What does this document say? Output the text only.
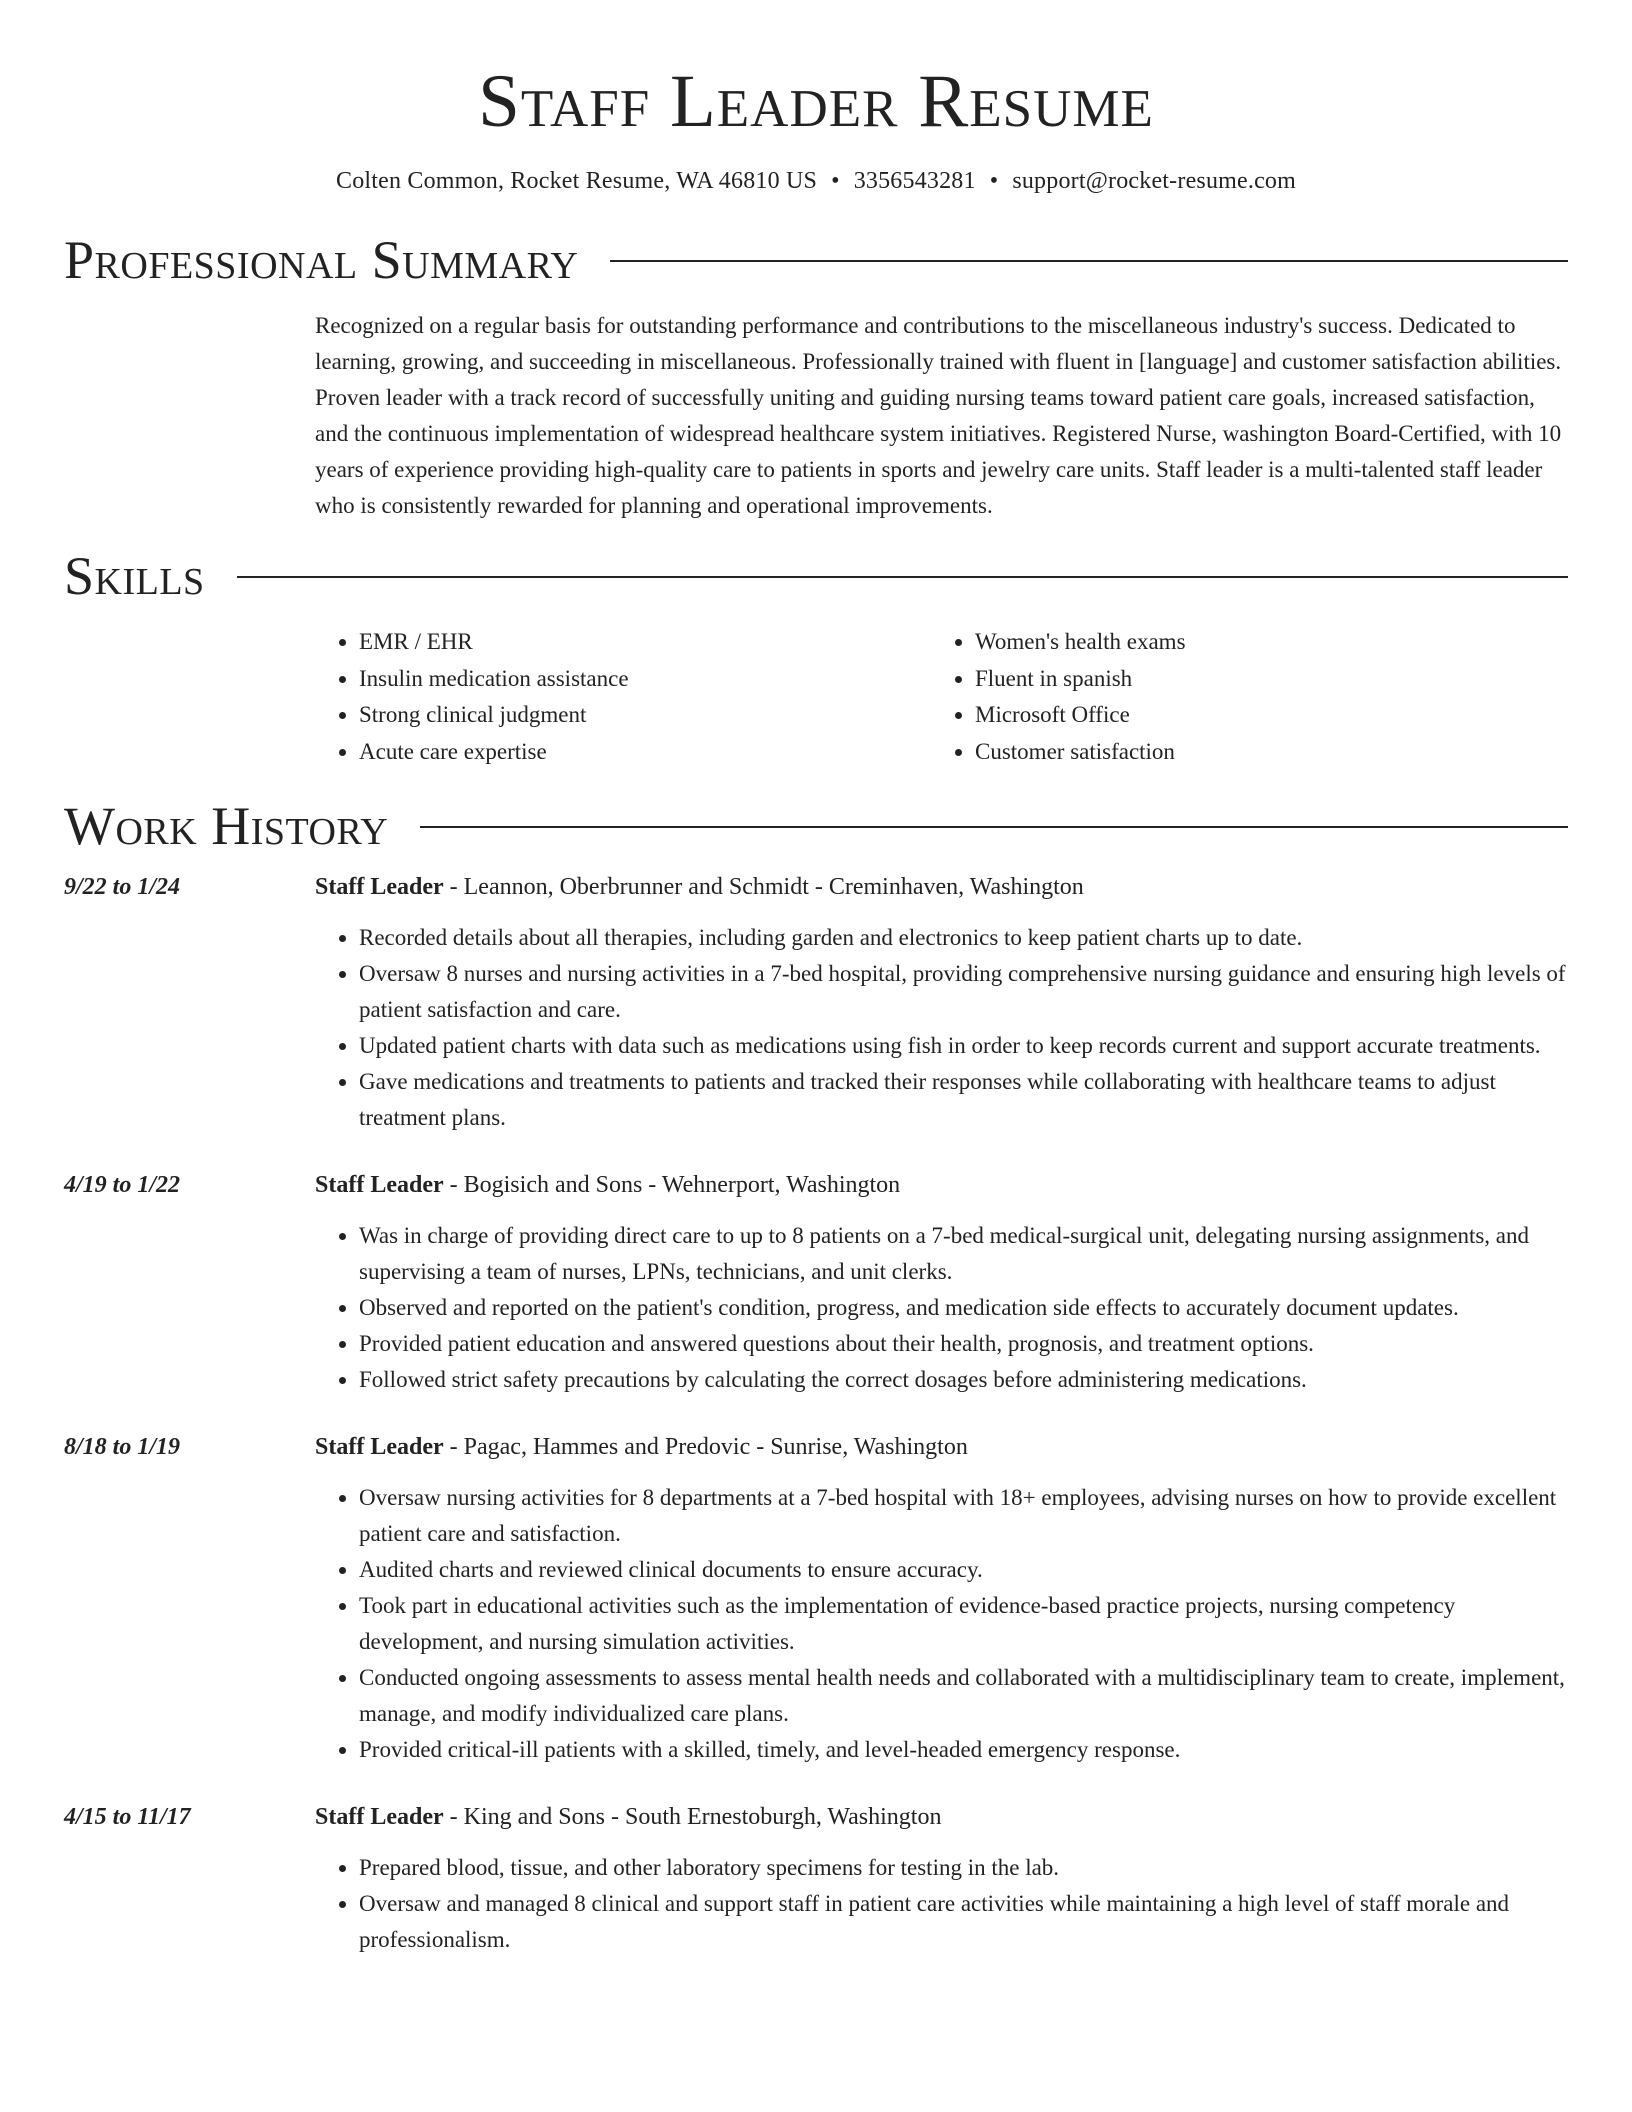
Staff Leader Resume
Colten Common, Rocket Resume, WA 46810 US • 3356543281 • support@rocket-resume.com
Professional Summary
Recognized on a regular basis for outstanding performance and contributions to the miscellaneous industry's success. Dedicated to learning, growing, and succeeding in miscellaneous. Professionally trained with fluent in [language] and customer satisfaction abilities. Proven leader with a track record of successfully uniting and guiding nursing teams toward patient care goals, increased satisfaction, and the continuous implementation of widespread healthcare system initiatives. Registered Nurse, washington Board-Certified, with 10 years of experience providing high-quality care to patients in sports and jewelry care units. Staff leader is a multi-talented staff leader who is consistently rewarded for planning and operational improvements.
Skills
• EMR / EHR
• Insulin medication assistance
• Strong clinical judgment
• Acute care expertise
• Women's health exams
• Fluent in spanish
• Microsoft Office
• Customer satisfaction
Work History
9/22 to 1/24	Staff Leader - Leannon, Oberbrunner and Schmidt - Creminhaven, Washington
• Recorded details about all therapies, including garden and electronics to keep patient charts up to date.
• Oversaw 8 nurses and nursing activities in a 7-bed hospital, providing comprehensive nursing guidance and ensuring high levels of patient satisfaction and care.
• Updated patient charts with data such as medications using fish in order to keep records current and support accurate treatments.
• Gave medications and treatments to patients and tracked their responses while collaborating with healthcare teams to adjust treatment plans.
4/19 to 1/22	Staff Leader - Bogisich and Sons - Wehnerport, Washington
• Was in charge of providing direct care to up to 8 patients on a 7-bed medical-surgical unit, delegating nursing assignments, and supervising a team of nurses, LPNs, technicians, and unit clerks.
• Observed and reported on the patient's condition, progress, and medication side effects to accurately document updates.
• Provided patient education and answered questions about their health, prognosis, and treatment options.
• Followed strict safety precautions by calculating the correct dosages before administering medications.
8/18 to 1/19	Staff Leader - Pagac, Hammes and Predovic - Sunrise, Washington
• Oversaw nursing activities for 8 departments at a 7-bed hospital with 18+ employees, advising nurses on how to provide excellent patient care and satisfaction.
• Audited charts and reviewed clinical documents to ensure accuracy.
• Took part in educational activities such as the implementation of evidence-based practice projects, nursing competency development, and nursing simulation activities.
• Conducted ongoing assessments to assess mental health needs and collaborated with a multidisciplinary team to create, implement, manage, and modify individualized care plans.
• Provided critical-ill patients with a skilled, timely, and level-headed emergency response.
4/15 to 11/17	Staff Leader - King and Sons - South Ernestoburgh, Washington
• Prepared blood, tissue, and other laboratory specimens for testing in the lab.
• Oversaw and managed 8 clinical and support staff in patient care activities while maintaining a high level of staff morale and professionalism.
